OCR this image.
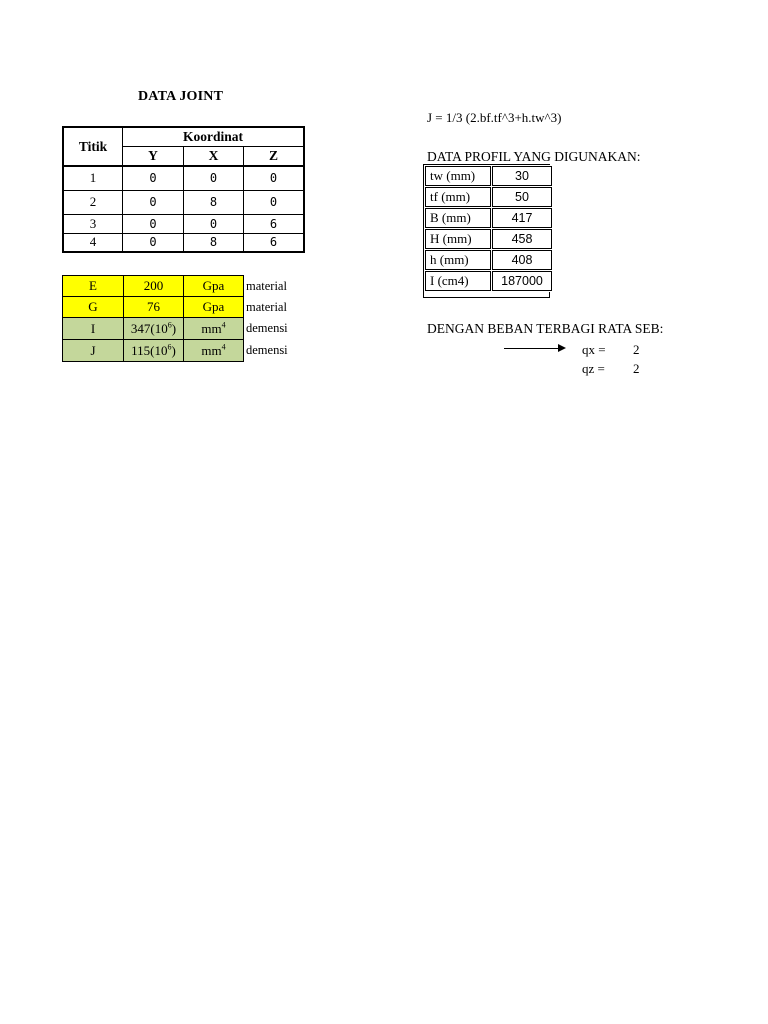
DATA JOINT
Titik	Koordinat		
	Y	X	Z
1	0	0	0
2	0	8	0
3	0	0	6
4	0	8	6
E	200	Gpa	material
G	76	Gpa	material
I	$347(10^6)$	$mm^4$	demensi
J	$115(10^6)$	$mm^4$	demensi
J = 1/3 (2.bf.tf^3+h.tw^3)
DATA PROFIL YANG DIGUNAKAN:
tw (mm)	30
tf (mm)	50
B (mm)	417
H (mm)	458
h (mm)	408
I (cm4)	187000
DENGAN BEBAN TERBAGI RATA SEB:
qx = 2
qz = 2
